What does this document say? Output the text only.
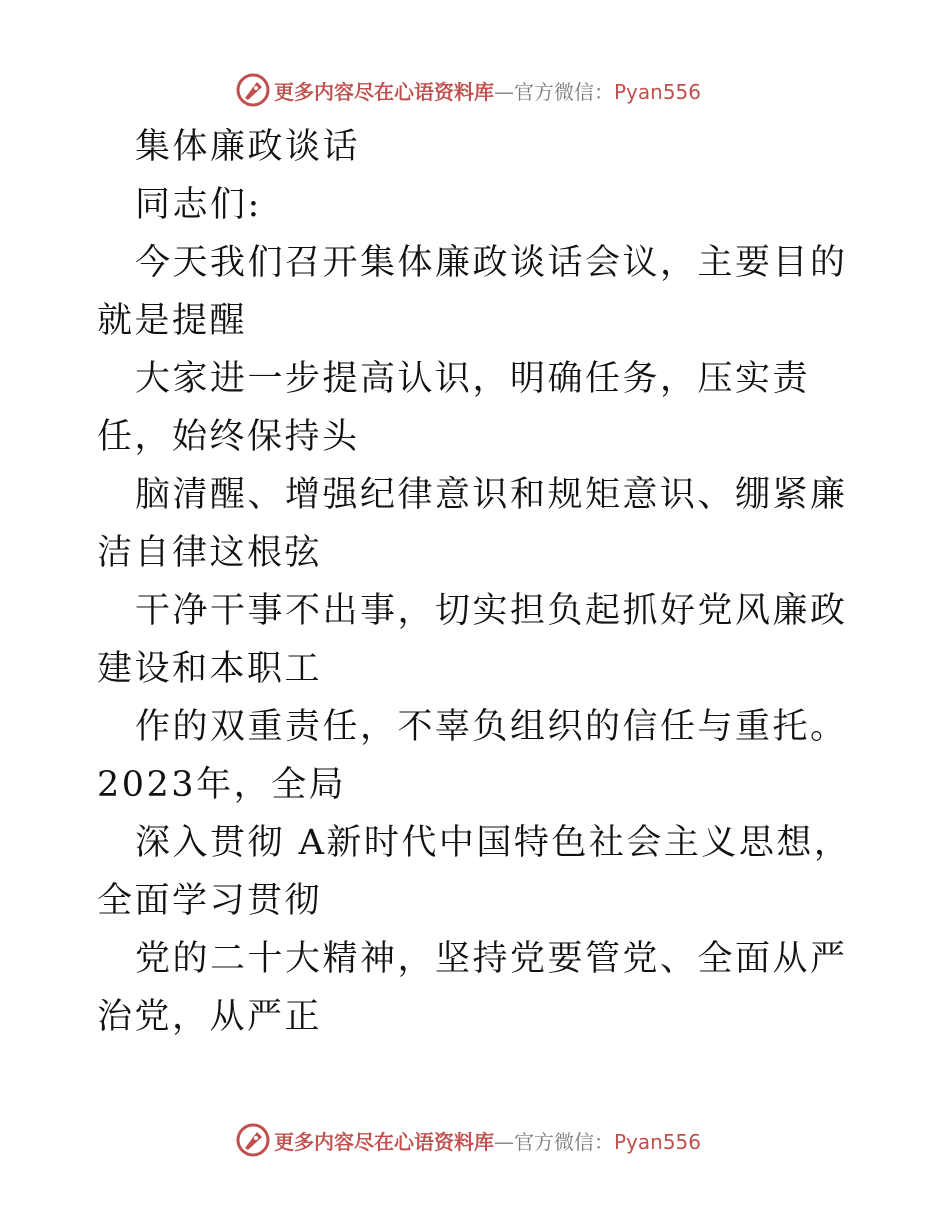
更多内容尽在心语资料库—官方微信：Pyan556

集体廉政谈话

同志们:

今天我们召开集体廉政谈话会议，主要目的就是提醒

大家进一步提高认识，明确任务，压实责任，始终保持头

脑清醒、增强纪律意识和规矩意识、绷紧廉洁自律这根弦

干净干事不出事，切实担负起抓好党风廉政建设和本职工

作的双重责任，不辜负组织的信任与重托。2023年，全局

深入贯彻 A新时代中国特色社会主义思想，全面学习贯彻

党的二十大精神，坚持党要管党、全面从严治党，从严正

更多内容尽在心语资料库—官方微信：Pyan556
